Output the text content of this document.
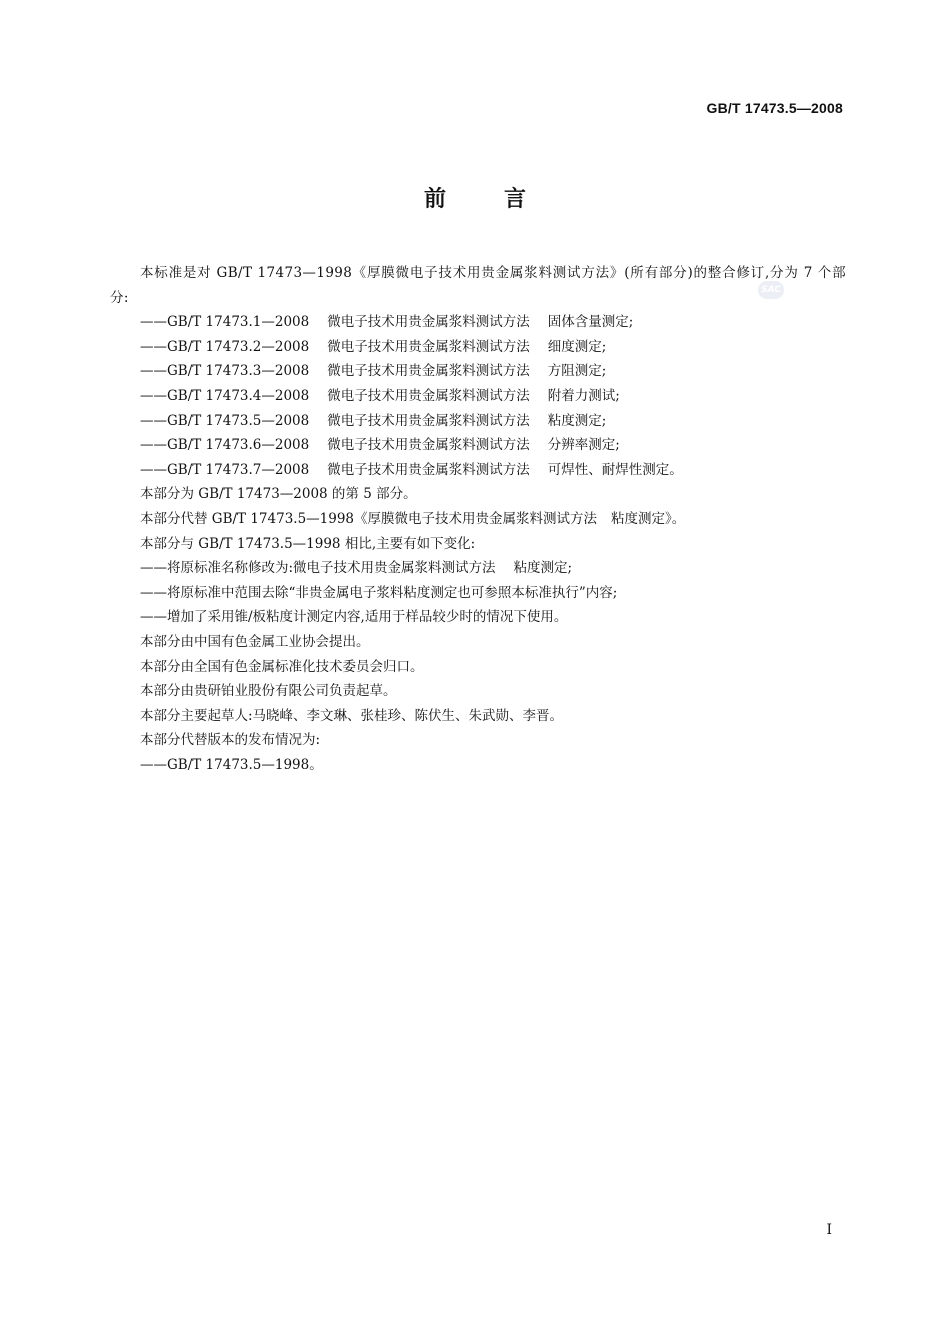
GB/T 17473.5—2008
前言
SAC

本标准是对 GB/T 17473—1998《厚膜微电子技术用贵金属浆料测试方法》(所有部分)的整合修订,分为 7 个部分:

——GB/T 17473.1—2008 微电子技术用贵金属浆料测试方法 固体含量测定;

——GB/T 17473.2—2008 微电子技术用贵金属浆料测试方法 细度测定;

——GB/T 17473.3—2008 微电子技术用贵金属浆料测试方法 方阻测定;

——GB/T 17473.4—2008 微电子技术用贵金属浆料测试方法 附着力测试;

——GB/T 17473.5—2008 微电子技术用贵金属浆料测试方法 粘度测定;

——GB/T 17473.6—2008 微电子技术用贵金属浆料测试方法 分辨率测定;

——GB/T 17473.7—2008 微电子技术用贵金属浆料测试方法 可焊性、耐焊性测定。

本部分为 GB/T 17473—2008 的第 5 部分。

本部分代替 GB/T 17473.5—1998《厚膜微电子技术用贵金属浆料测试方法 粘度测定》。

本部分与 GB/T 17473.5—1998 相比,主要有如下变化:

——将原标准名称修改为:微电子技术用贵金属浆料测试方法 粘度测定;

——将原标准中范围去除“非贵金属电子浆料粘度测定也可参照本标准执行”内容;

——增加了采用锥/板粘度计测定内容,适用于样品较少时的情况下使用。

本部分由中国有色金属工业协会提出。

本部分由全国有色金属标准化技术委员会归口。

本部分由贵研铂业股份有限公司负责起草。

本部分主要起草人:马晓峰、李文琳、张桂珍、陈伏生、朱武勋、李晋。

本部分代替版本的发布情况为:

——GB/T 17473.5—1998。

I
